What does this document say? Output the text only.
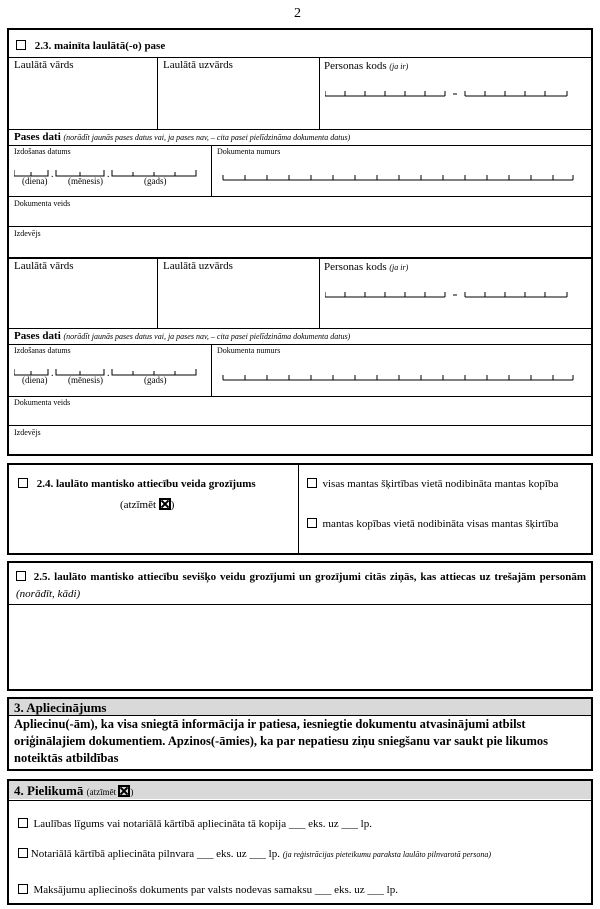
2
2.3. mainīta laulātā(-o) pase
Laulātā vārds	Laulātā uzvārds	Personas kods (ja ir)
Pases dati (norādīt jaunās pases datus vai, ja pases nav, – cita pasei pielīdzināma dokumenta datus)
Izdošanas datums	Dokumenta numurs
.	.
(diena) (mēnesis)	(gads)
Dokumenta veids
Izdevējs
Laulātā vārds	Laulātā uzvārds	Personas kods (ja ir)
Pases dati (norādīt jaunās pases datus vai, ja pases nav, – cita pasei pielīdzināma dokumenta datus)
Izdošanas datums	Dokumenta numurs
.	.
(diena) (mēnesis)	(gads)
Dokumenta veids
Izdevējs
2.4. laulāto mantisko attiecību veida grozījums
(atzīmēt )
visas mantas šķirtības vietā nodibināta mantas kopība
mantas kopības vietā nodibināta visas mantas šķirtība
2.5. laulāto mantisko attiecību sevišķo veidu grozījumi un grozījumi citās ziņās, kas attiecas uz trešajām personām (norādīt, kādi)
3. Apliecinājums
Apliecinu(-ām), ka visa sniegtā informācija ir patiesa, iesniegtie dokumentu atvasinājumi atbilst oriģinālajiem dokumentiem. Apzinos(-āmies), ka par nepatiesu ziņu sniegšanu var saukt pie likumos noteiktās atbildības
4. Pielikumā (atzīmēt )
Laulības līgums vai notariālā kārtībā apliecināta tā kopija ___ eks. uz ___ lp.
Notariālā kārtībā apliecināta pilnvara ___ eks. uz ___ lp. (ja reģistrācijas pieteikumu paraksta laulāto pilnvarotā persona)
Maksājumu apliecinošs dokuments par valsts nodevas samaksu ___ eks. uz ___ lp.
